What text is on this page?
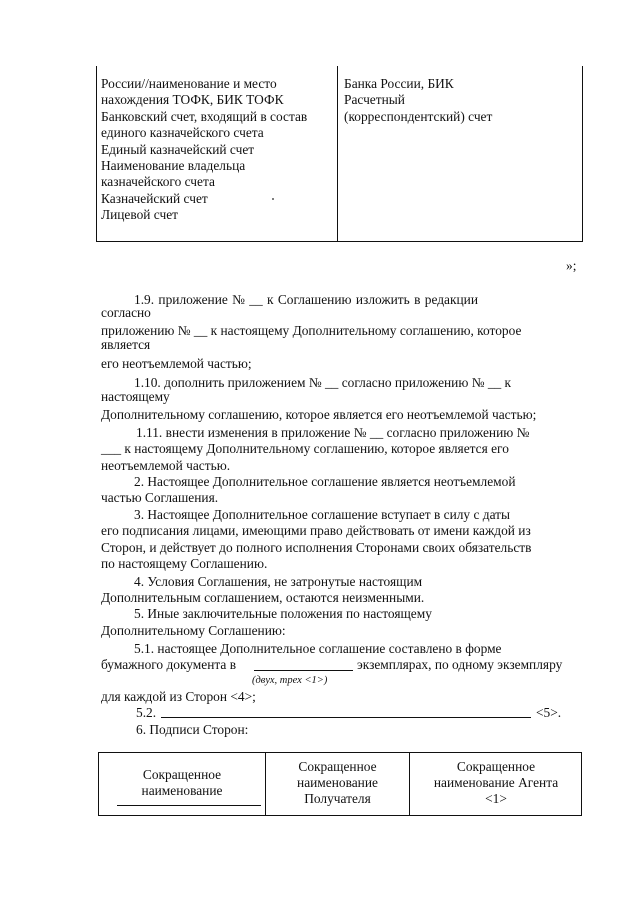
России//наименование и место
нахождения ТОФК, БИК ТОФК
Банковский счет, входящий в состав
единого казначейского счета
Единый казначейский счет
Наименование владельца
казначейского счета
Казначейский счет
Лицевой счет
Банка России, БИК
Расчетный
(корреспондентский) счет
»;
1.9. приложение № __ к Соглашению изложить в редакции
согласно
приложению № __ к настоящему Дополнительному соглашению, которое
является
его неотъемлемой частью;
1.10. дополнить приложением № __ согласно приложению № __ к
настоящему
Дополнительному соглашению, которое является его неотъемлемой частью;
1.11. внести изменения в приложение № __ согласно приложению №
___ к настоящему Дополнительному соглашению, которое является его
неотъемлемой частью.
2. Настоящее Дополнительное соглашение является неотъемлемой
частью Соглашения.
3. Настоящее Дополнительное соглашение вступает в силу с даты
его подписания лицами, имеющими право действовать от имени каждой из
Сторон, и действует до полного исполнения Сторонами своих обязательств
по настоящему Соглашению.
4. Условия Соглашения, не затронутые настоящим
Дополнительным соглашением, остаются неизменными.
5. Иные заключительные положения по настоящему
Дополнительному Соглашению:
5.1. настоящее Дополнительное соглашение составлено в форме
бумажного документа в	экземплярах, по одному экземпляру
(двух, трех <1>)
для каждой из Сторон <4>;
5.2.	<5>.
6. Подписи Сторон:
Сокращенное
наименование
Сокращенное
наименование
Получателя
Сокращенное
наименование Агента
<1>
